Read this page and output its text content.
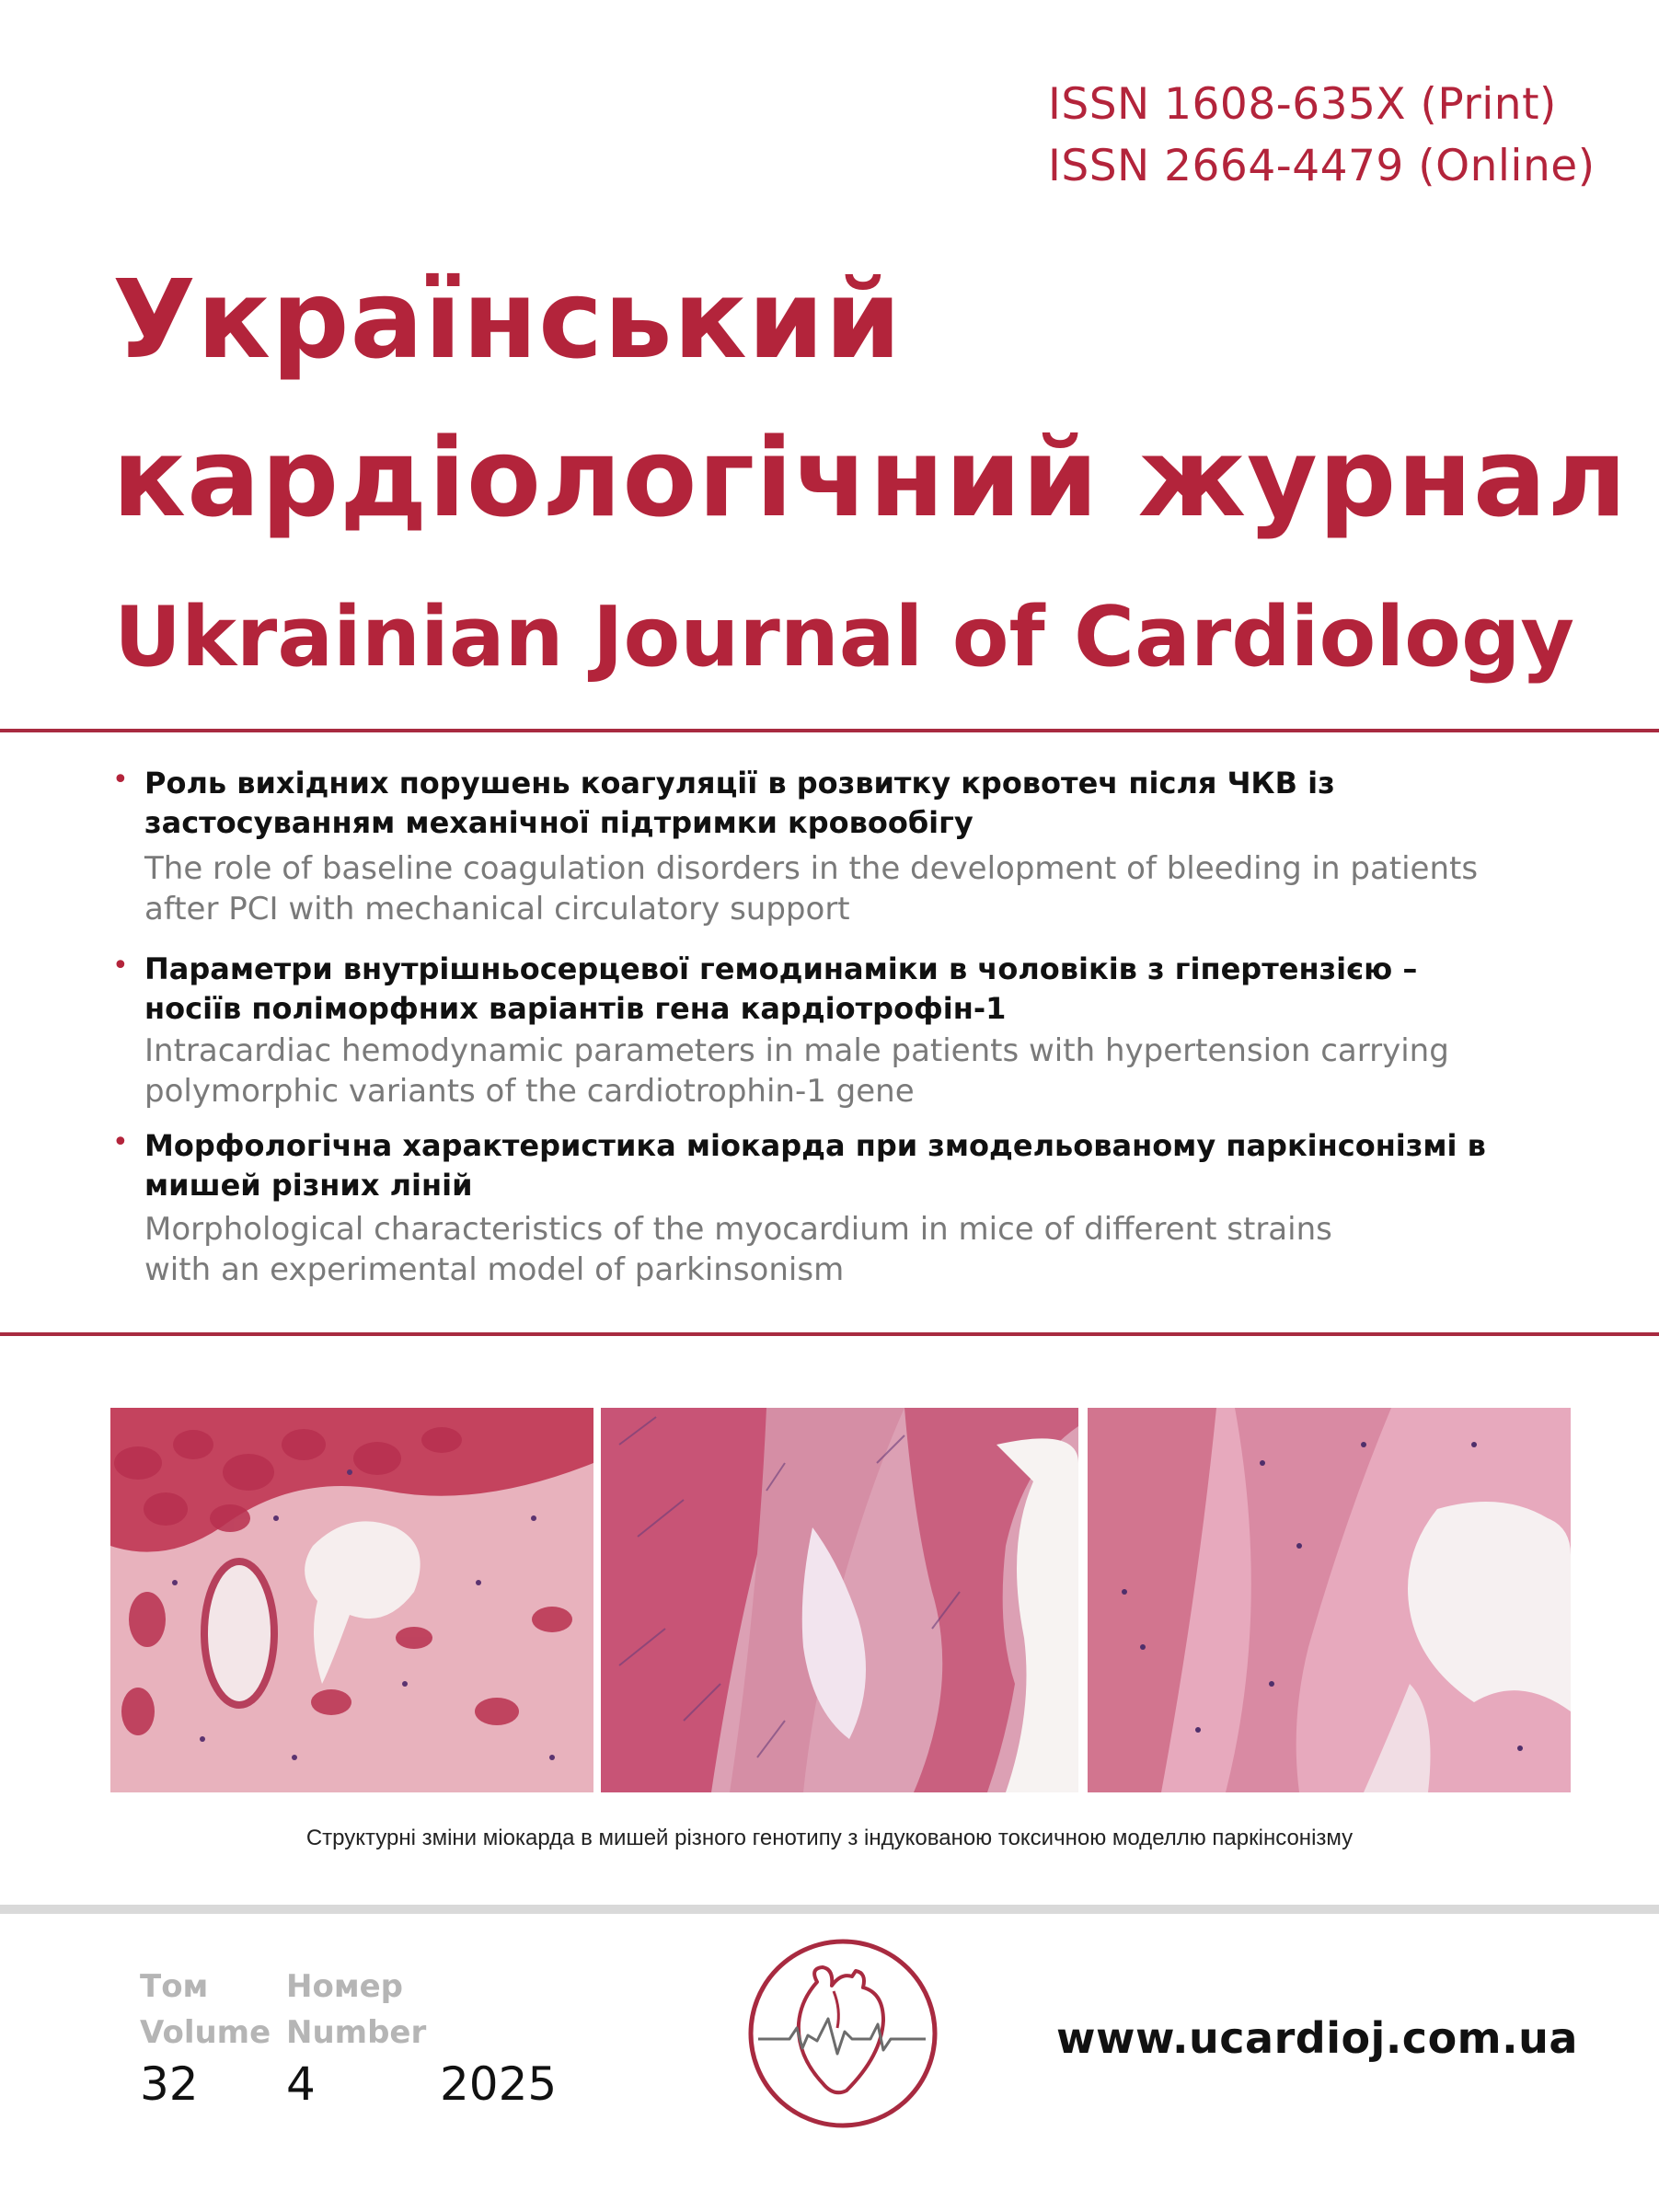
ISSN 1608-635X (Print)
ISSN 2664-4479 (Online)
Український
кардіологічний журнал
Ukrainian Journal of Cardiology
• Роль вихідних порушень коагуляції в розвитку кровотеч після ЧКВ із застосуванням механічної підтримки кровообігу
The role of baseline coagulation disorders in the development of bleeding in patients after PCI with mechanical circulatory support
• Параметри внутрішньосерцевої гемодинаміки в чоловіків з гіпертензією – носіїв поліморфних варіантів гена кардіотрофін-1
Intracardiac hemodynamic parameters in male patients with hypertension carrying polymorphic variants of the cardiotrophin-1 gene
• Морфологічна характеристика міокарда при змодельованому паркінсонізмі в мишей різних ліній
Morphological characteristics of the myocardium in mice of different strains with an experimental model of parkinsonism
Структурні зміни міокарда в мишей різного генотипу з індукованою токсичною моделлю паркінсонізму
Том
Volume
Номер
Number
32 4	2025
www.ucardioj.com.ua
